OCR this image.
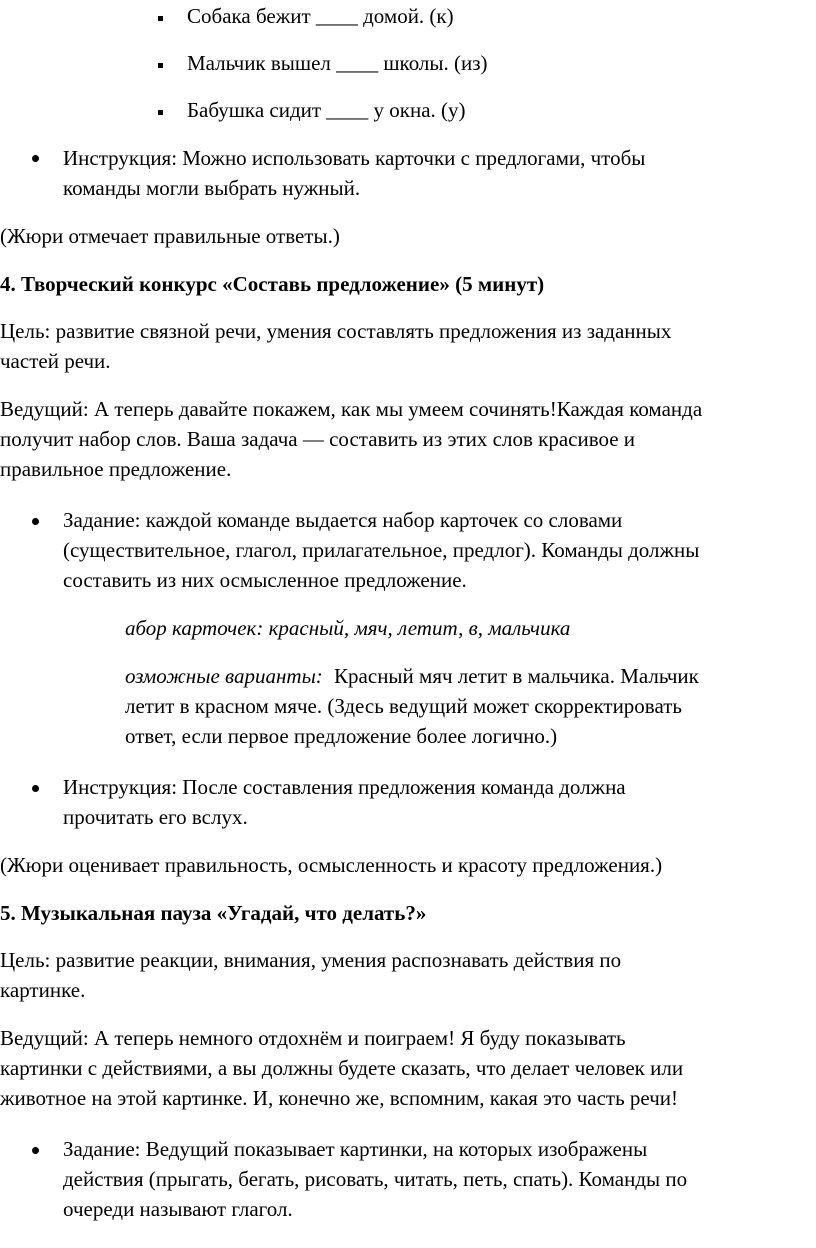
Собака бежит ____ домой. (к)
Мальчик вышел ____ школы. (из)
Бабушка сидит ____ у окна. (у)
Инструкция: Можно использовать карточки с предлогами, чтобы
команды могли выбрать нужный.
(Жюри отмечает правильные ответы.)
4. Творческий конкурс «Составь предложение» (5 минут)
Цель: развитие связной речи, умения составлять предложения из заданных
частей речи.
Ведущий: А теперь давайте покажем, как мы умеем сочинять!Каждая команда
получит набор слов. Ваша задача — составить из этих слов красивое и
правильное предложение.
Задание: каждой команде выдается набор карточек со словами
(существительное, глагол, прилагательное, предлог). Команды должны
составить из них осмысленное предложение.
абор карточек: красный, мяч, летит, в, мальчика
озможные варианты: Красный мяч летит в мальчика. Мальчик
летит в красном мяче. (Здесь ведущий может скорректировать
ответ, если первое предложение более логично.)
Инструкция: После составления предложения команда должна
прочитать его вслух.
(Жюри оценивает правильность, осмысленность и красоту предложения.)
5. Музыкальная пауза «Угадай, что делать?»
Цель: развитие реакции, внимания, умения распознавать действия по
картинке.
Ведущий: А теперь немного отдохнём и поиграем! Я буду показывать
картинки с действиями, а вы должны будете сказать, что делает человек или
животное на этой картинке. И, конечно же, вспомним, какая это часть речи!
Задание: Ведущий показывает картинки, на которых изображены
действия (прыгать, бегать, рисовать, читать, петь, спать). Команды по
очереди называют глагол.
